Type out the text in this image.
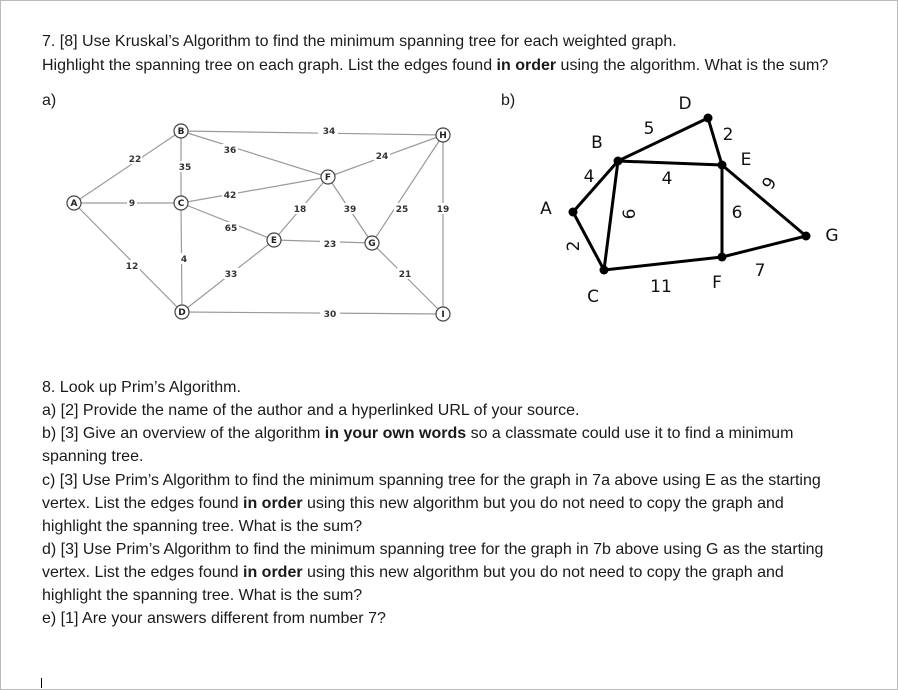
7. [8] Use Kruskal’s Algorithm to find the minimum spanning tree for each weighted graph.
Highlight the spanning tree on each graph. List the edges found in order using the algorithm. What is the sum?
a)	b)
22
9
12
35
36
34
42
65
4
33
30
18
23
39
24
25
21
19
A
B
C
D
E
F
G
H
I
A
B
C
D
E
F
G
5	2
4
4
6	6
9
2
11
7
8. Look up Prim’s Algorithm.
a) [2] Provide the name of the author and a hyperlinked URL of your source.
b) [3] Give an overview of the algorithm in your own words so a classmate could use it to find a minimum
spanning tree.
c) [3] Use Prim’s Algorithm to find the minimum spanning tree for the graph in 7a above using E as the starting
vertex. List the edges found in order using this new algorithm but you do not need to copy the graph and
highlight the spanning tree. What is the sum?
d) [3] Use Prim’s Algorithm to find the minimum spanning tree for the graph in 7b above using G as the starting
vertex. List the edges found in order using this new algorithm but you do not need to copy the graph and
highlight the spanning tree. What is the sum?
e) [1] Are your answers different from number 7?
